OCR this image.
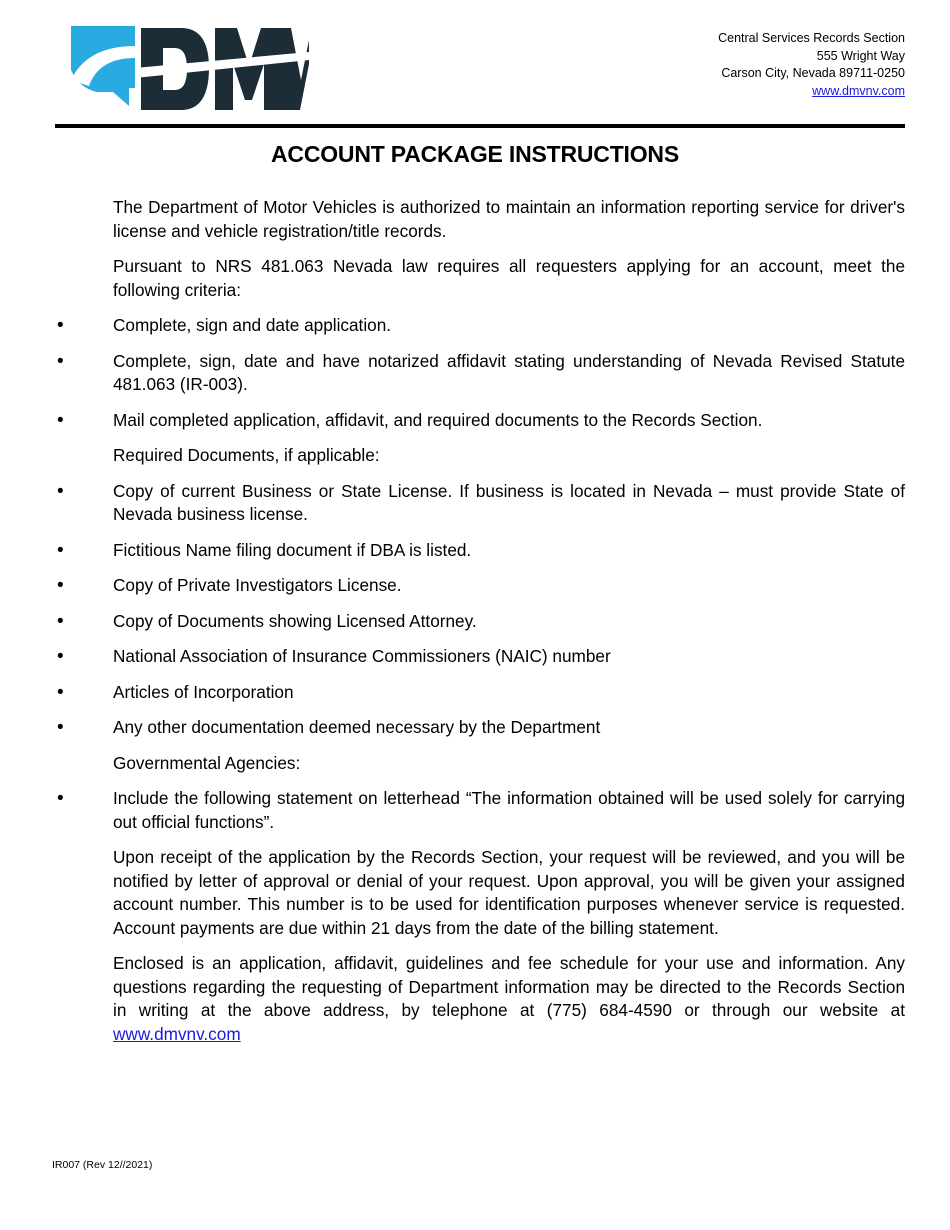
Central Services Records Section
555 Wright Way
Carson City, Nevada 89711-0250
www.dmvnv.com
ACCOUNT PACKAGE INSTRUCTIONS

The Department of Motor Vehicles is authorized to maintain an information reporting service for driver's license and vehicle registration/title records.

Pursuant to NRS 481.063 Nevada law requires all requesters applying for an account, meet the following criteria:

•	Complete, sign and date application.
•	Complete, sign, date and have notarized affidavit stating understanding of Nevada Revised Statute 481.063 (IR-003).
•	Mail completed application, affidavit, and required documents to the Records Section.
Required Documents, if applicable:
•	Copy of current Business or State License. If business is located in Nevada – must provide State of Nevada business license.
•	Fictitious Name filing document if DBA is listed.
•	Copy of Private Investigators License.
•	Copy of Documents showing Licensed Attorney.
•	National Association of Insurance Commissioners (NAIC) number
•	Articles of Incorporation
•	Any other documentation deemed necessary by the Department
Governmental Agencies:
•	Include the following statement on letterhead “The information obtained will be used solely for carrying out official functions”.

Upon receipt of the application by the Records Section, your request will be reviewed, and you will be notified by letter of approval or denial of your request. Upon approval, you will be given your assigned account number. This number is to be used for identification purposes whenever service is requested. Account payments are due within 21 days from the date of the billing statement.

Enclosed is an application, affidavit, guidelines and fee schedule for your use and information. Any questions regarding the requesting of Department information may be directed to the Records Section in writing at the above address, by telephone at (775) 684-4590 or through our website at www.dmvnv.com

IR007 (Rev 12//2021)
